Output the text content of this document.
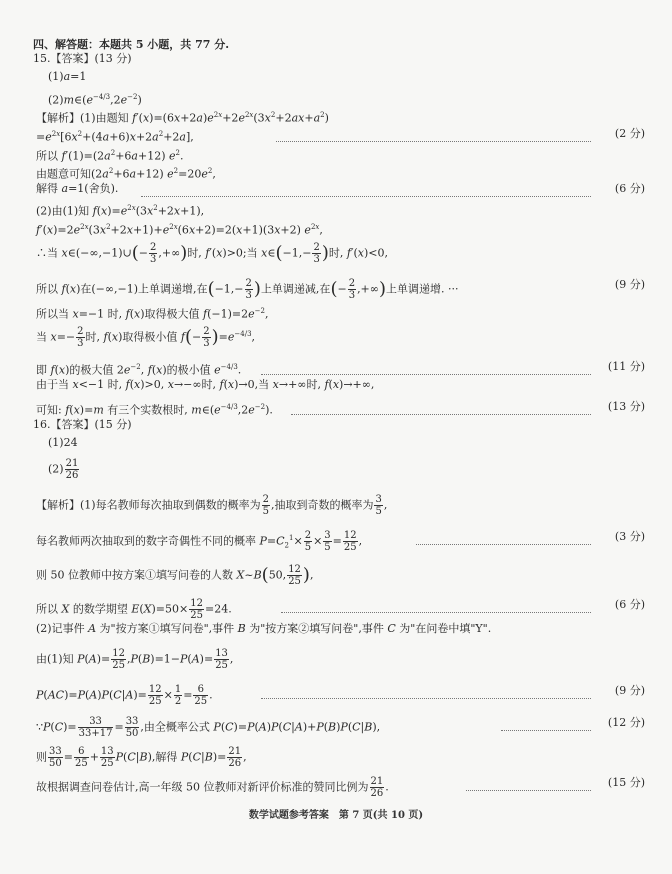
四、解答题：本题共 5 小题，共 77 分.
15.【答案】(13 分)
(1)a=1
$(2)m\in(e^{-4/3},2e^{-2})$
【解析】(1)由题知 $f'(x)=(6x+2a)e^{2x}+2e^{2x}(3x^2+2ax+a^2)$
$=e^{2x}[6x^2+(4a+6)x+2a^2+2a]$,	(2 分)
所以 $f'(1)=(2a^2+6a+12)$ $e^2$.
由题意可知$(2a^2+6a+12)$ $e^2=20e^2$,
解得 a=1(舍负).	(6 分)
(2)由(1)知 $f(x)=e^{2x}(3x^2+2x+1)$,
$f'(x)=2e^{2x}(3x^2+2x+1)+e^{2x}(6x+2)=2(x+1)(3x+2)$ $e^{2x}$,
∴当 x∈(−∞,−1)∪(− $\frac{2}{3}$ ,+∞)时, f′(x)>0;当 x∈(−1,− $\frac{2}{3}$ )时, f′(x)<0,
所以 f(x)在(−∞,−1)上单调递增,在($-1,- \frac{2}{3}$ )上单调递减,在(− $\frac{2}{3}$ ,+∞)上单调递增. ···	(9 分)
所以当 x=−1 时, f(x)取得极大值 $f(-1)=2e^{-2}$,
当 $x=- \frac{2}{3}$ 时, f(x)取得极小值 $f(- \frac{2}{3} )=e^{-4/3}$,
即 f(x)的极大值 $2e^{-2}$, f(x)的极小值 $e^{-4/3}$.	(11 分)
由于当 x<−1 时, f(x)>0, x→−∞时, f(x)→0,当 x→+∞时, f(x)→+∞,
可知: f(x)=m 有三个实数根时, $m\in(e^{-4/3},2e^{-2})$.	(13 分)
16.【答案】(15 分)
(1)24
$(2) \frac{21}{26}$
【解析】(1)每名教师每次抽取到偶数的概率为 $\frac{2}{5}$ ,抽取到奇数的概率为 $\frac{3}{5}$ ,
每名教师两次抽取到的数字奇偶性不同的概率 $P=C_2^1\times \frac{2}{5} \times \frac{3}{5} = \frac{12}{25}$ ,	(3 分)
则 50 位教师中按方案①填写问卷的人数 X~B(50, $\frac{12}{25}$ ),
所以 X 的数学期望 $E(X)=50\times \frac{12}{25} =24$.	(6 分)
(2)记事件 A 为"按方案①填写问卷",事件 B 为"按方案②填写问卷",事件 C 为"在问卷中填"Y".
由(1)知 $P(A)= \frac{12}{25} ,P(B)=1-P(A)= \frac{13}{25}$ ,
$P(AC)=P(A)P(C|A)= \frac{12}{25} \times \frac{1}{2} = \frac{6}{25}$ .	(9 分)
∵P(C)= $\frac{33}{33+17} = \frac{33}{50}$ ,由全概率公式 P(C)=P(A)P(C|A)+P(B)P(C|B),	(12 分)
则 $\frac{33}{50} = \frac{6}{25} + \frac{13}{25} P(C|B)$,解得 $P(C|B)= \frac{21}{26}$ ,
故根据调查问卷估计,高一年级 50 位教师对新评价标准的赞同比例为 $\frac{21}{26}$ .	(15 分)
数学试题参考答案　第 7 页(共 10 页)
